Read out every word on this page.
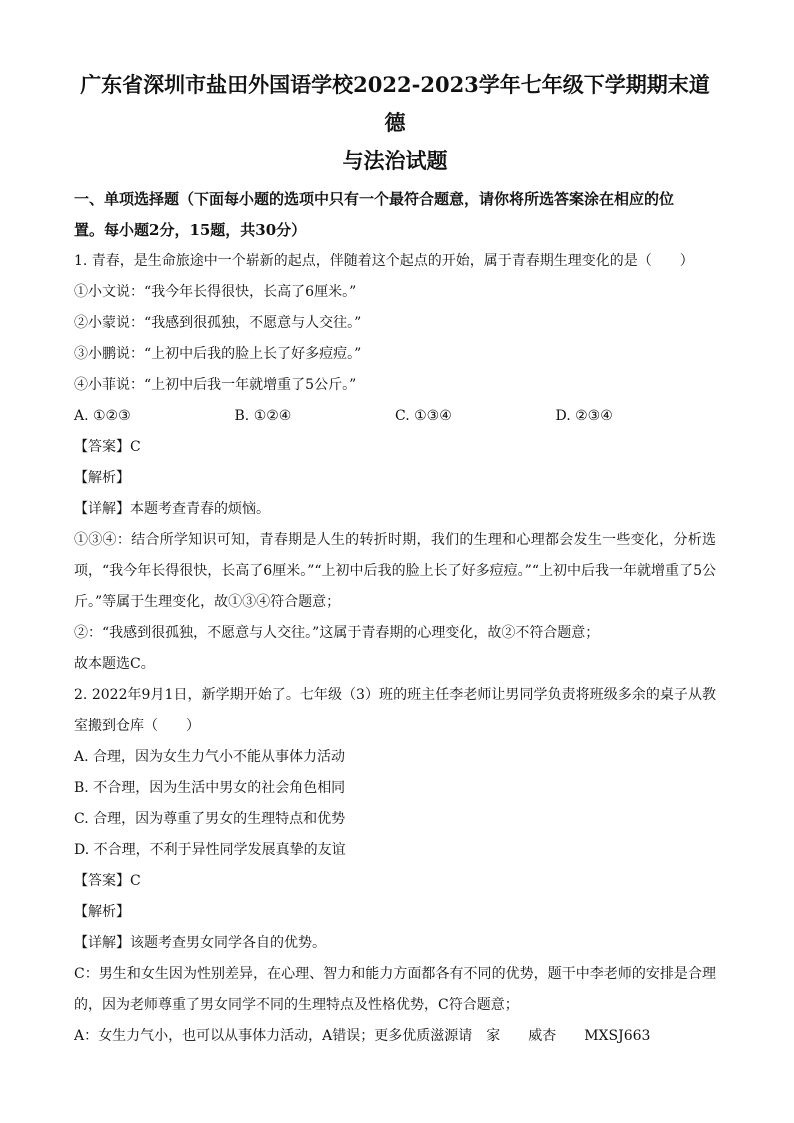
广东省深圳市盐田外国语学校2022-2023学年七年级下学期期末道德

与法治试题

一、单项选择题（下面每小题的选项中只有一个最符合题意，请你将所选答案涂在相应的位
置。每小题2分，15题，共30分）

1. 青春，是生命旅途中一个崭新的起点，伴随着这个起点的开始，属于青春期生理变化的是（　　）

①小文说：“我今年长得很快，长高了6厘米。”

②小蒙说：“我感到很孤独，不愿意与人交往。”

③小鹏说：“上初中后我的脸上长了好多痘痘。”

④小菲说：“上初中后我一年就增重了5公斤。”

A. ①②③	B. ①②④	C. ①③④	D. ②③④

【答案】C

【解析】

【详解】本题考查青春的烦恼。

①③④：结合所学知识可知，青春期是人生的转折时期，我们的生理和心理都会发生一些变化，分析选项，“我今年长得很快，长高了6厘米。”“上初中后我的脸上长了好多痘痘。”“上初中后我一年就增重了5公斤。”等属于生理变化，故①③④符合题意；

②：“我感到很孤独，不愿意与人交往。”这属于青春期的心理变化，故②不符合题意；

故本题选C。

2. 2022年9月1日，新学期开始了。七年级（3）班的班主任李老师让男同学负责将班级多余的桌子从教室搬到仓库（　　）

A. 合理，因为女生力气小不能从事体力活动

B. 不合理，因为生活中男女的社会角色相同

C. 合理，因为尊重了男女的生理特点和优势

D. 不合理，不利于异性同学发展真挚的友谊

【答案】C

【解析】

【详解】该题考查男女同学各自的优势。

C：男生和女生因为性别差异，在心理、智力和能力方面都各有不同的优势，题干中李老师的安排是合理的，因为老师尊重了男女同学不同的生理特点及性格优势，C符合题意；

A：女生力气小，也可以从事体力活动，A错误；更多优质滋源请　家　　威杏　　MXSJ663
